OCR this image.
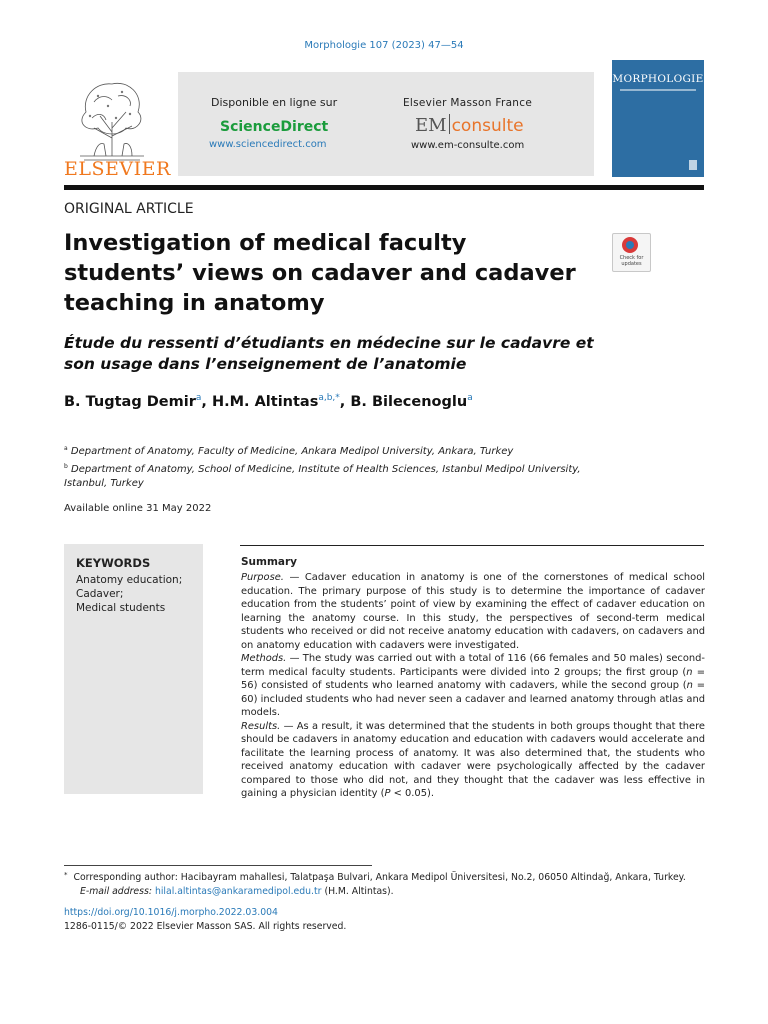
Morphologie 107 (2023) 47—54
ELSEVIER
Disponible en ligne sur
ScienceDirect
www.sciencedirect.com
Elsevier Masson France
EM consulte
www.em-consulte.com
MORPHOLOGIE
ORIGINAL ARTICLE
Investigation of medical faculty students’ views on cadaver and cadaver teaching in anatomy
Check for updates
Étude du ressenti d’étudiants en médecine sur le cadavre et son usage dans l’enseignement de l’anatomie
B. Tugtag Demir$^a$, H.M. Altintas$^{a,b,*}$, B. Bilecenoglu$^a$
$^a$ Department of Anatomy, Faculty of Medicine, Ankara Medipol University, Ankara, Turkey
$^b$ Department of Anatomy, School of Medicine, Institute of Health Sciences, Istanbul Medipol University, Istanbul, Turkey
Available online 31 May 2022
KEYWORDS
Anatomy education;
Cadaver;
Medical students
Summary

Purpose. — Cadaver education in anatomy is one of the cornerstones of medical school education. The primary purpose of this study is to determine the importance of cadaver education from the students’ point of view by examining the effect of cadaver education on learning the anatomy course. In this study, the perspectives of second-term medical students who received or did not receive anatomy education with cadavers, on cadavers and on anatomy education with cadavers were investigated.

Methods. — The study was carried out with a total of 116 (66 females and 50 males) second-term medical faculty students. Participants were divided into 2 groups; the first group (n = 56) consisted of students who learned anatomy with cadavers, while the second group (n = 60) included students who had never seen a cadaver and learned anatomy through atlas and models.

Results. — As a result, it was determined that the students in both groups thought that there should be cadavers in anatomy education and education with cadavers would accelerate and facilitate the learning process of anatomy. It was also determined that, the students who received anatomy education with cadaver were psychologically affected by the cadaver compared to those who did not, and they thought that the cadaver was less effective in gaining a physician identity (P < 0.05).

* Corresponding author: Hacibayram mahallesi, Talatpaşa Bulvari, Ankara Medipol Üniversitesi, No.2, 06050 Altindağ, Ankara, Turkey.
E-mail address: hilal.altintas@ankaramedipol.edu.tr (H.M. Altintas).
https://doi.org/10.1016/j.morpho.2022.03.004
1286-0115/© 2022 Elsevier Masson SAS. All rights reserved.
